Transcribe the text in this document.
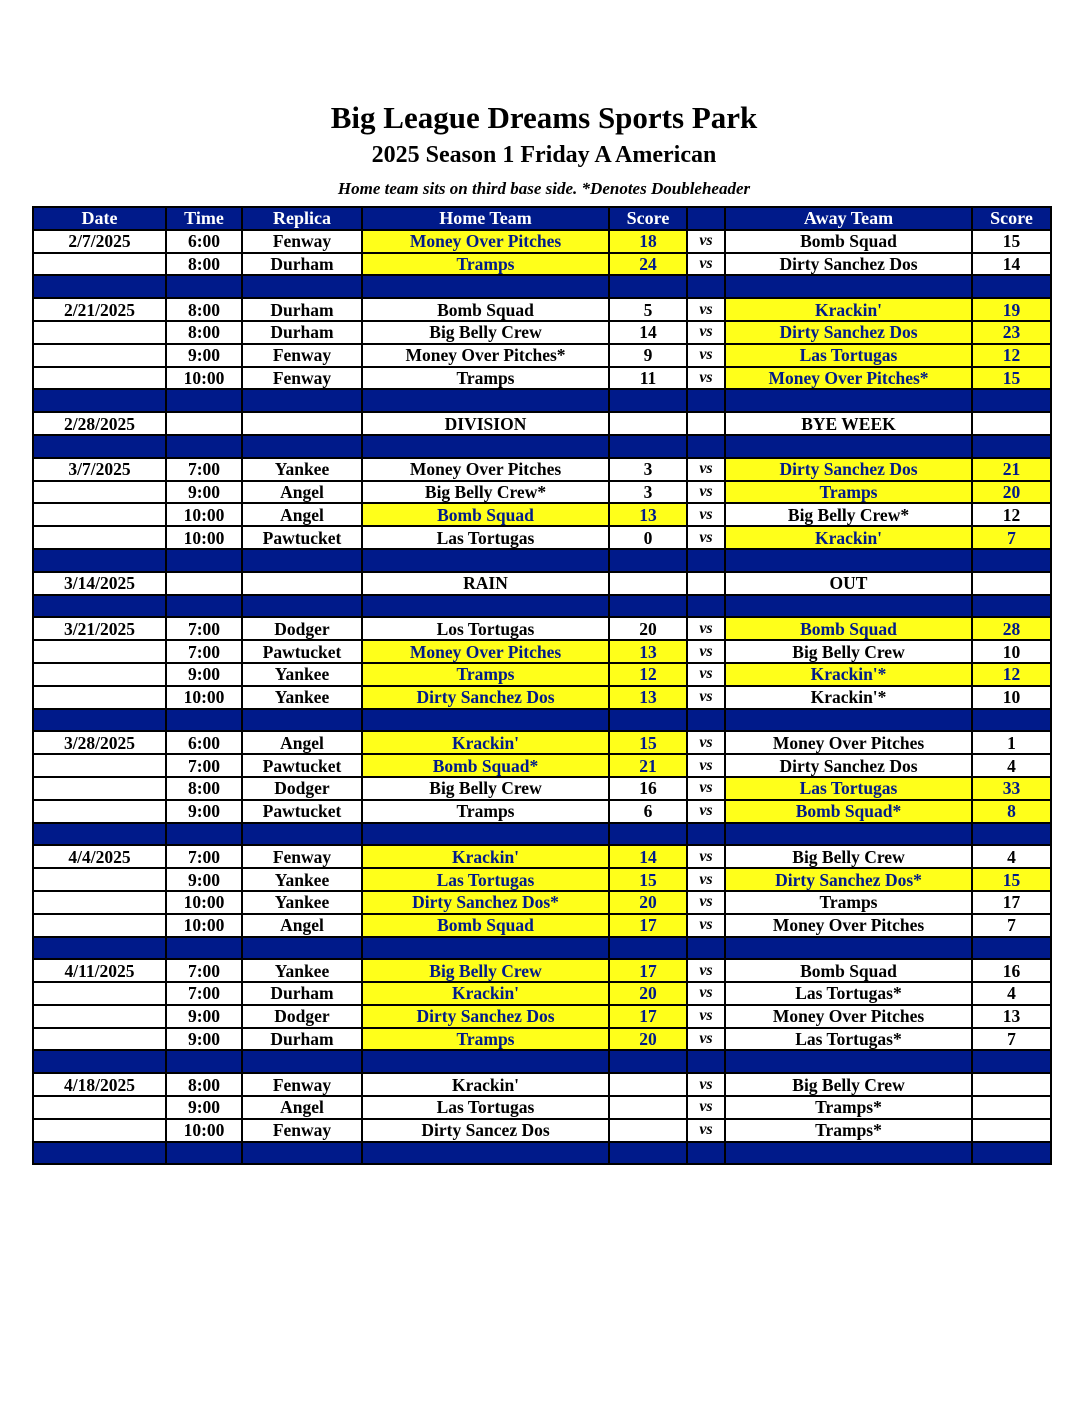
Big League Dreams Sports Park
2025 Season 1 Friday A American
Home team sits on third base side. *Denotes Doubleheader
Date	Time	Replica	Home Team	Score		Away Team	Score
2/7/2025	6:00	Fenway	Money Over Pitches	18	vs	Bomb Squad	15
	8:00	Durham	Tramps	24	vs	Dirty Sanchez Dos	14

2/21/2025	8:00	Durham	Bomb Squad	5	vs	Krackin'	19
	8:00	Durham	Big Belly Crew	14	vs	Dirty Sanchez Dos	23
	9:00	Fenway	Money Over Pitches*	9	vs	Las Tortugas	12
	10:00	Fenway	Tramps	11	vs	Money Over Pitches*	15

2/28/2025			DIVISION			BYE WEEK	

3/7/2025	7:00	Yankee	Money Over Pitches	3	vs	Dirty Sanchez Dos	21
	9:00	Angel	Big Belly Crew*	3	vs	Tramps	20
	10:00	Angel	Bomb Squad	13	vs	Big Belly Crew*	12
	10:00	Pawtucket	Las Tortugas	0	vs	Krackin'	7

3/14/2025			RAIN			OUT	

3/21/2025	7:00	Dodger	Los Tortugas	20	vs	Bomb Squad	28
	7:00	Pawtucket	Money Over Pitches	13	vs	Big Belly Crew	10
	9:00	Yankee	Tramps	12	vs	Krackin'*	12
	10:00	Yankee	Dirty Sanchez Dos	13	vs	Krackin'*	10

3/28/2025	6:00	Angel	Krackin'	15	vs	Money Over Pitches	1
	7:00	Pawtucket	Bomb Squad*	21	vs	Dirty Sanchez Dos	4
	8:00	Dodger	Big Belly Crew	16	vs	Las Tortugas	33
	9:00	Pawtucket	Tramps	6	vs	Bomb Squad*	8

4/4/2025	7:00	Fenway	Krackin'	14	vs	Big Belly Crew	4
	9:00	Yankee	Las Tortugas	15	vs	Dirty Sanchez Dos*	15
	10:00	Yankee	Dirty Sanchez Dos*	20	vs	Tramps	17
	10:00	Angel	Bomb Squad	17	vs	Money Over Pitches	7

4/11/2025	7:00	Yankee	Big Belly Crew	17	vs	Bomb Squad	16
	7:00	Durham	Krackin'	20	vs	Las Tortugas*	4
	9:00	Dodger	Dirty Sanchez Dos	17	vs	Money Over Pitches	13
	9:00	Durham	Tramps	20	vs	Las Tortugas*	7

4/18/2025	8:00	Fenway	Krackin'		vs	Big Belly Crew	
	9:00	Angel	Las Tortugas		vs	Tramps*	
	10:00	Fenway	Dirty Sancez Dos		vs	Tramps*	
